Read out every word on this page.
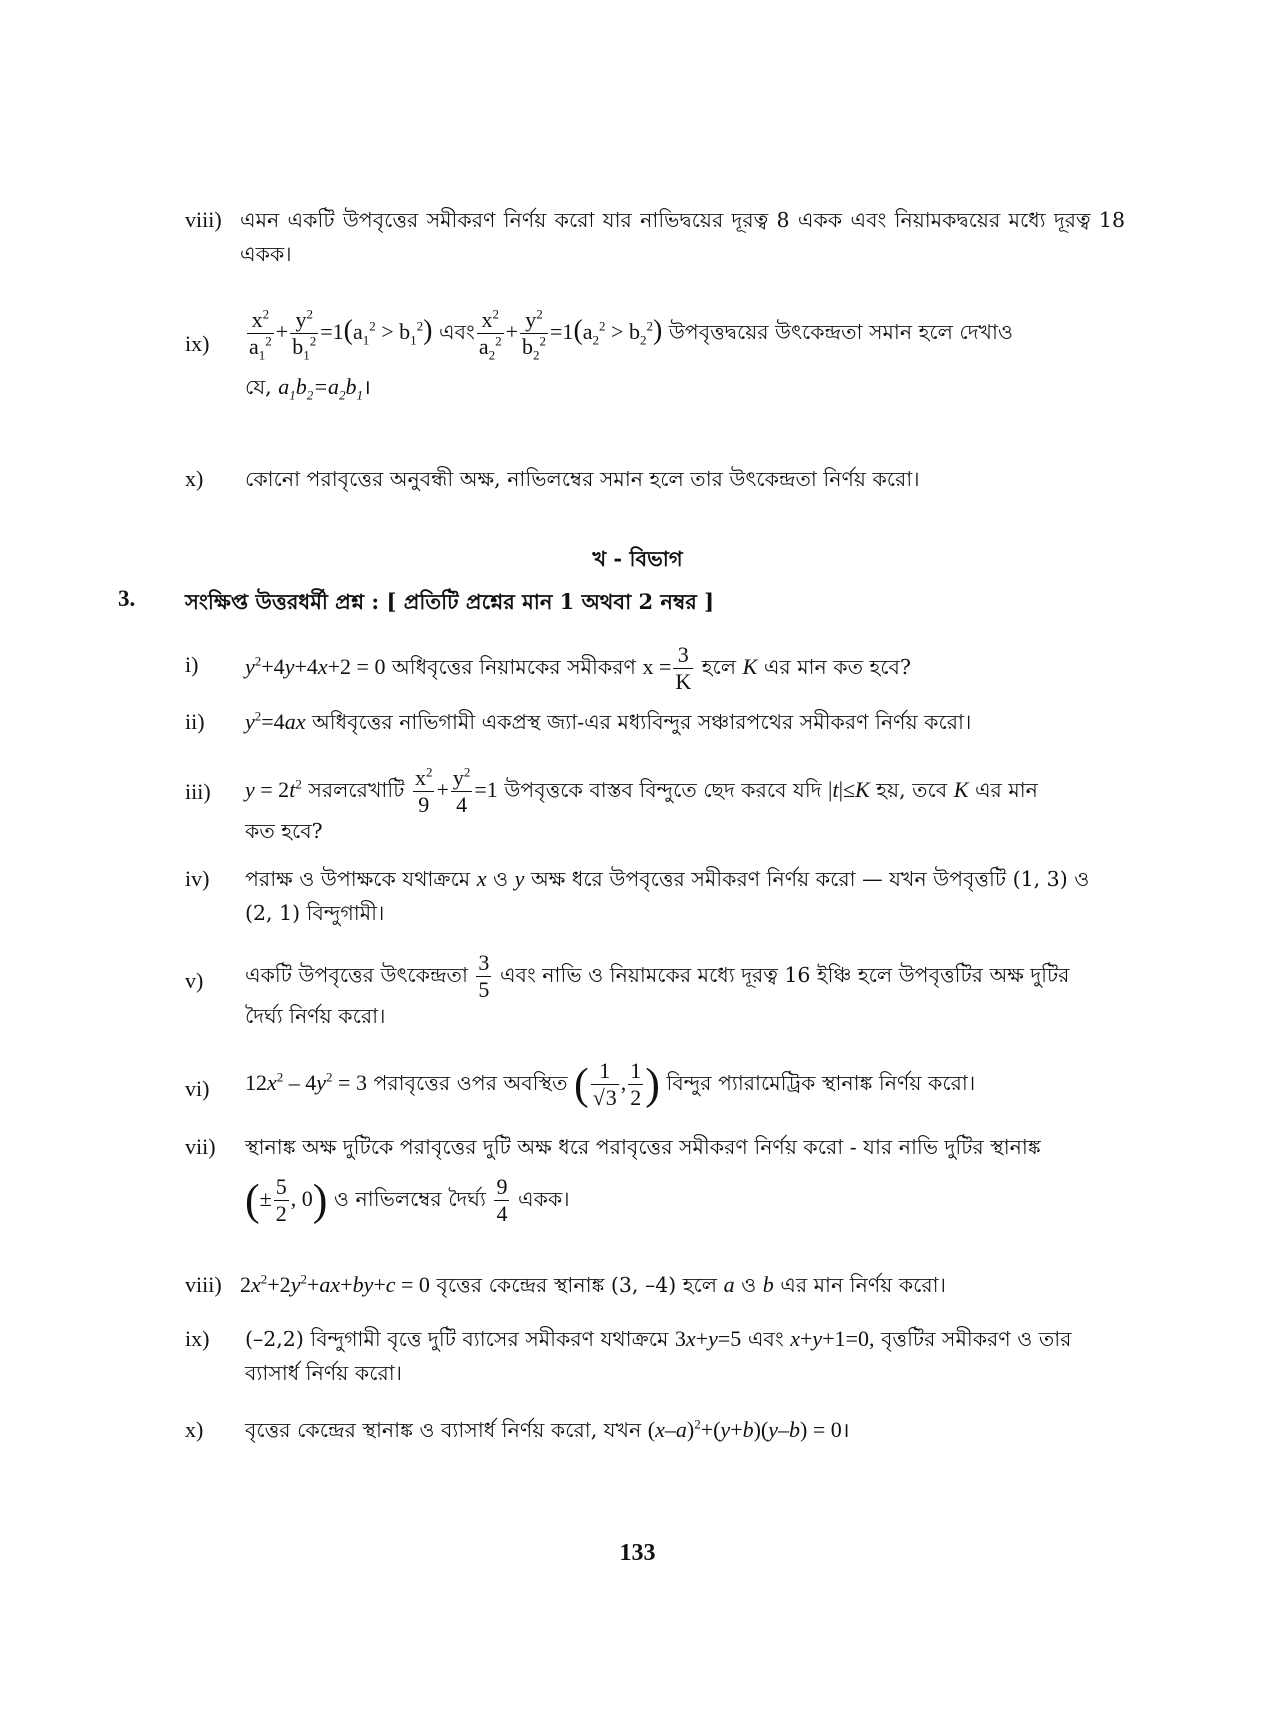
viii) এমন একটি উপবৃত্তের সমীকরণ নির্ণয় করো যার নাভিদ্বয়ের দূরত্ব 8 একক এবং নিয়ামকদ্বয়ের মধ্যে দূরত্ব 18 একক।
ix)	$\frac{x^2}{a_1^2} + \frac{y^2}{b_1^2} =1(a_1^2 > b_1^2)$ এবং $\frac{x^2}{a_2^2} + \frac{y^2}{b_2^2} =1(a_2^2 > b_2^2)$ উপবৃত্তদ্বয়ের উৎকেন্দ্রতা সমান হলে দেখাও
যে, $a_1b_2=a_2b_1।$
x)	কোনো পরাবৃত্তের অনুবন্ধী অক্ষ, নাভিলম্বের সমান হলে তার উৎকেন্দ্রতা নির্ণয় করো।
খ - বিভাগ
3. সংক্ষিপ্ত উত্তরধর্মী প্রশ্ন : [ প্রতিটি প্রশ্নের মান 1 অথবা 2 নম্বর ]
i)	$y^2+4y+4x+2 = 0$ অধিবৃত্তের নিয়ামকের সমীকরণ $x = \frac{3}{K}$ হলে K এর মান কত হবে?
ii)	$y^2=4ax$ অধিবৃত্তের নাভিগামী একপ্রস্থ জ্যা-এর মধ্যবিন্দুর সঞ্চারপথের সমীকরণ নির্ণয় করো।
iii)	$y = 2t^2$ সরলরেখাটি $\frac{x^2}{9} + \frac{y^2}{4} =1$ উপবৃত্তকে বাস্তব বিন্দুতে ছেদ করবে যদি |t|≤K হয়, তবে K এর মান
কত হবে?
iv)	পরাক্ষ ও উপাক্ষকে যথাক্রমে x ও y অক্ষ ধরে উপবৃত্তের সমীকরণ নির্ণয় করো — যখন উপবৃত্তটি (1, 3) ও
(2, 1) বিন্দুগামী।
v)	একটি উপবৃত্তের উৎকেন্দ্রতা $\frac{3}{5}$ এবং নাভি ও নিয়ামকের মধ্যে দূরত্ব 16 ইঞ্চি হলে উপবৃত্তটির অক্ষ দুটির
দৈর্ঘ্য নির্ণয় করো।
vi)	$12x^2 - 4y^2 = 3$ পরাবৃত্তের ওপর অবস্থিত ( $\frac{1}{√3}$ , $\frac{1}{2}$ ) বিন্দুর প্যারামেট্রিক স্থানাঙ্ক নির্ণয় করো।
vii)	স্থানাঙ্ক অক্ষ দুটিকে পরাবৃত্তের দুটি অক্ষ ধরে পরাবৃত্তের সমীকরণ নির্ণয় করো - যার নাভি দুটির স্থানাঙ্ক
(± $\frac{5}{2}$ , 0) ও নাভিলম্বের দৈর্ঘ্য $\frac{9}{4}$ একক।
viii) $2x^2+2y^2+ax+by+c = 0$ বৃত্তের কেন্দ্রের স্থানাঙ্ক (3, –4) হলে a ও b এর মান নির্ণয় করো।
ix)	(–2,2) বিন্দুগামী বৃত্তে দুটি ব্যাসের সমীকরণ যথাক্রমে 3x+y=5 এবং x+y+1=0, বৃত্তটির সমীকরণ ও তার
ব্যাসার্ধ নির্ণয় করো।
x)	বৃত্তের কেন্দ্রের স্থানাঙ্ক ও ব্যাসার্ধ নির্ণয় করো, যখন $(x-a)^2+(y+b)(y-b)$ = 0।
133
